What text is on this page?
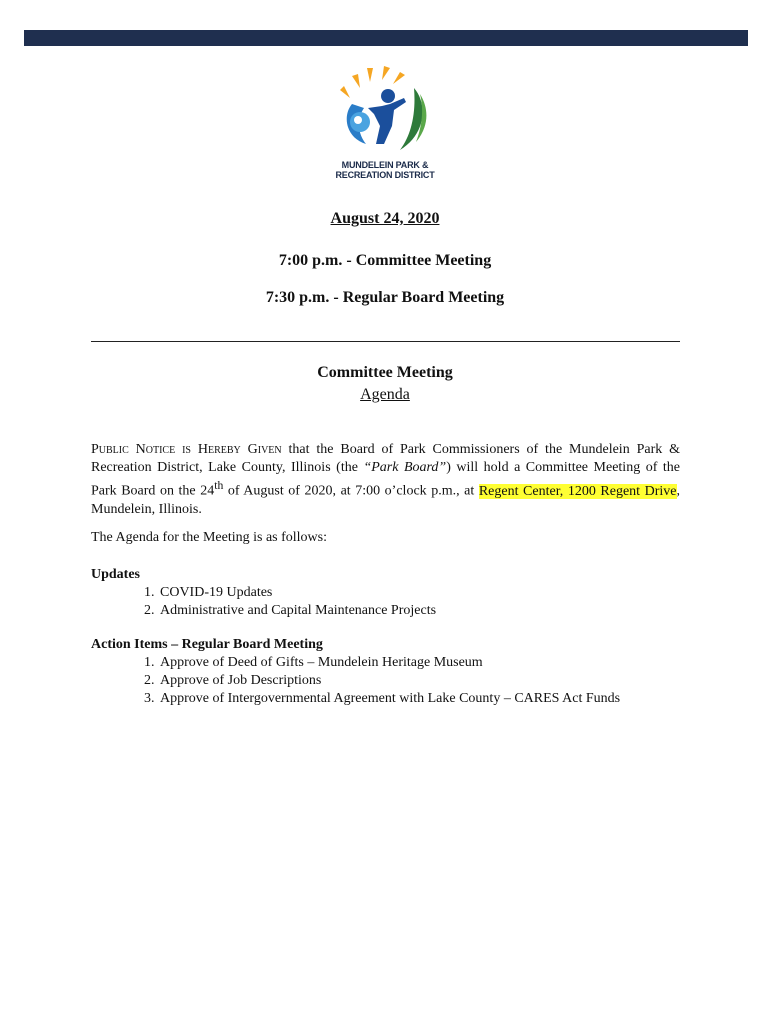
MUNDELEIN PARK &
RECREATION DISTRICT
August 24, 2020
7:00 p.m. - Committee Meeting
7:30 p.m. - Regular Board Meeting
Committee Meeting
Agenda
Public Notice is Hereby Given that the Board of Park Commissioners of the Mundelein Park & Recreation District, Lake County, Illinois (the “Park Board”) will hold a Committee Meeting of the Park Board on the 24th of August of 2020, at 7:00 o’clock p.m., at Regent Center, 1200 Regent Drive, Mundelein, Illinois.
The Agenda for the Meeting is as follows:
Updates
1. COVID-19 Updates
2. Administrative and Capital Maintenance Projects
Action Items – Regular Board Meeting
1. Approve of Deed of Gifts – Mundelein Heritage Museum
2. Approve of Job Descriptions
3. Approve of Intergovernmental Agreement with Lake County – CARES Act Funds
